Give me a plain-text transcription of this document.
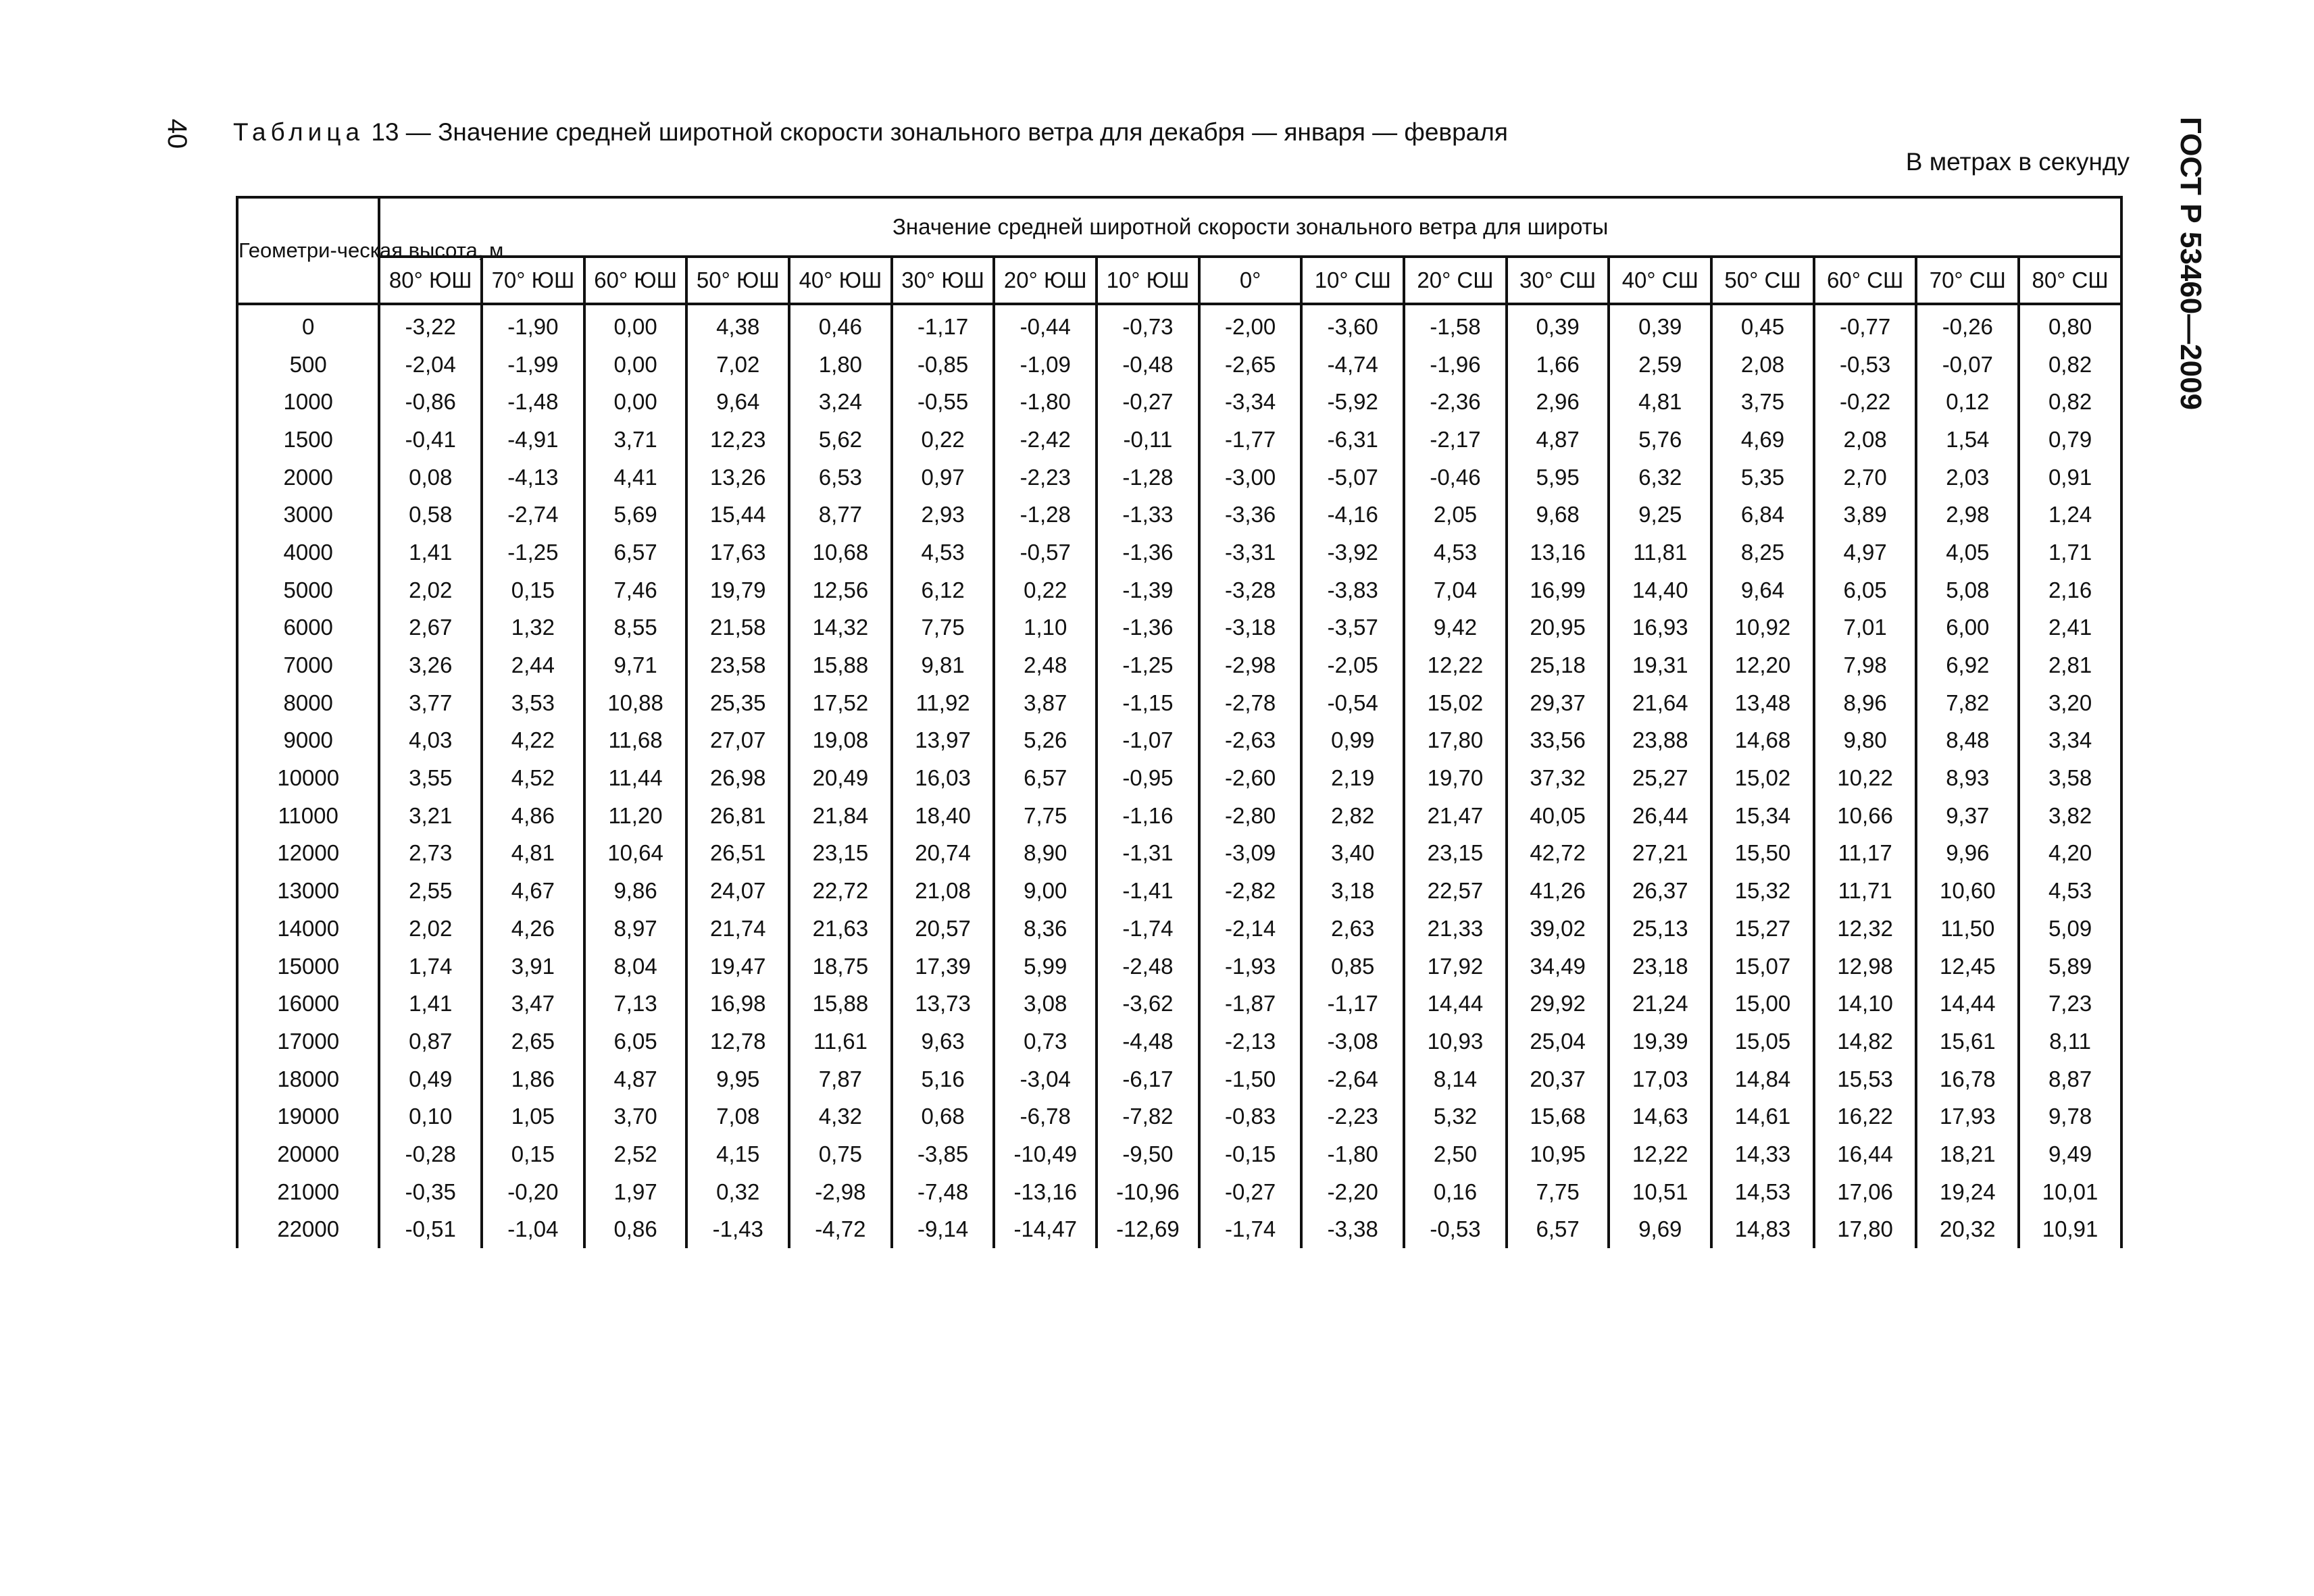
40 Таблица 13 — Значение средней широтной скорости зонального ветра для декабря — января — февраля
В метрах в секунду ГОСТ Р 53460—2009
Геометри-ческая высота, м	Значение средней широтной скорости зонального ветра для широты																
	80° ЮШ	70° ЮШ	60° ЮШ	50° ЮШ	40° ЮШ	30° ЮШ	20° ЮШ	10° ЮШ	0°	10° СШ	20° СШ	30° СШ	40° СШ	50° СШ	60° СШ	70° СШ	80° СШ

0	-3,22	-1,90	0,00	4,38	0,46	-1,17	-0,44	-0,73	-2,00	-3,60	-1,58	0,39	0,39	0,45	-0,77	-0,26	0,80
500	-2,04	-1,99	0,00	7,02	1,80	-0,85	-1,09	-0,48	-2,65	-4,74	-1,96	1,66	2,59	2,08	-0,53	-0,07	0,82
1000	-0,86	-1,48	0,00	9,64	3,24	-0,55	-1,80	-0,27	-3,34	-5,92	-2,36	2,96	4,81	3,75	-0,22	0,12	0,82
1500	-0,41	-4,91	3,71	12,23	5,62	0,22	-2,42	-0,11	-1,77	-6,31	-2,17	4,87	5,76	4,69	2,08	1,54	0,79
2000	0,08	-4,13	4,41	13,26	6,53	0,97	-2,23	-1,28	-3,00	-5,07	-0,46	5,95	6,32	5,35	2,70	2,03	0,91
3000	0,58	-2,74	5,69	15,44	8,77	2,93	-1,28	-1,33	-3,36	-4,16	2,05	9,68	9,25	6,84	3,89	2,98	1,24
4000	1,41	-1,25	6,57	17,63	10,68	4,53	-0,57	-1,36	-3,31	-3,92	4,53	13,16	11,81	8,25	4,97	4,05	1,71
5000	2,02	0,15	7,46	19,79	12,56	6,12	0,22	-1,39	-3,28	-3,83	7,04	16,99	14,40	9,64	6,05	5,08	2,16
6000	2,67	1,32	8,55	21,58	14,32	7,75	1,10	-1,36	-3,18	-3,57	9,42	20,95	16,93	10,92	7,01	6,00	2,41
7000	3,26	2,44	9,71	23,58	15,88	9,81	2,48	-1,25	-2,98	-2,05	12,22	25,18	19,31	12,20	7,98	6,92	2,81
8000	3,77	3,53	10,88	25,35	17,52	11,92	3,87	-1,15	-2,78	-0,54	15,02	29,37	21,64	13,48	8,96	7,82	3,20
9000	4,03	4,22	11,68	27,07	19,08	13,97	5,26	-1,07	-2,63	0,99	17,80	33,56	23,88	14,68	9,80	8,48	3,34
10000	3,55	4,52	11,44	26,98	20,49	16,03	6,57	-0,95	-2,60	2,19	19,70	37,32	25,27	15,02	10,22	8,93	3,58
11000	3,21	4,86	11,20	26,81	21,84	18,40	7,75	-1,16	-2,80	2,82	21,47	40,05	26,44	15,34	10,66	9,37	3,82
12000	2,73	4,81	10,64	26,51	23,15	20,74	8,90	-1,31	-3,09	3,40	23,15	42,72	27,21	15,50	11,17	9,96	4,20
13000	2,55	4,67	9,86	24,07	22,72	21,08	9,00	-1,41	-2,82	3,18	22,57	41,26	26,37	15,32	11,71	10,60	4,53
14000	2,02	4,26	8,97	21,74	21,63	20,57	8,36	-1,74	-2,14	2,63	21,33	39,02	25,13	15,27	12,32	11,50	5,09
15000	1,74	3,91	8,04	19,47	18,75	17,39	5,99	-2,48	-1,93	0,85	17,92	34,49	23,18	15,07	12,98	12,45	5,89
16000	1,41	3,47	7,13	16,98	15,88	13,73	3,08	-3,62	-1,87	-1,17	14,44	29,92	21,24	15,00	14,10	14,44	7,23
17000	0,87	2,65	6,05	12,78	11,61	9,63	0,73	-4,48	-2,13	-3,08	10,93	25,04	19,39	15,05	14,82	15,61	8,11
18000	0,49	1,86	4,87	9,95	7,87	5,16	-3,04	-6,17	-1,50	-2,64	8,14	20,37	17,03	14,84	15,53	16,78	8,87
19000	0,10	1,05	3,70	7,08	4,32	0,68	-6,78	-7,82	-0,83	-2,23	5,32	15,68	14,63	14,61	16,22	17,93	9,78
20000	-0,28	0,15	2,52	4,15	0,75	-3,85	-10,49	-9,50	-0,15	-1,80	2,50	10,95	12,22	14,33	16,44	18,21	9,49
21000	-0,35	-0,20	1,97	0,32	-2,98	-7,48	-13,16	-10,96	-0,27	-2,20	0,16	7,75	10,51	14,53	17,06	19,24	10,01
22000	-0,51	-1,04	0,86	-1,43	-4,72	-9,14	-14,47	-12,69	-1,74	-3,38	-0,53	6,57	9,69	14,83	17,80	20,32	10,91
